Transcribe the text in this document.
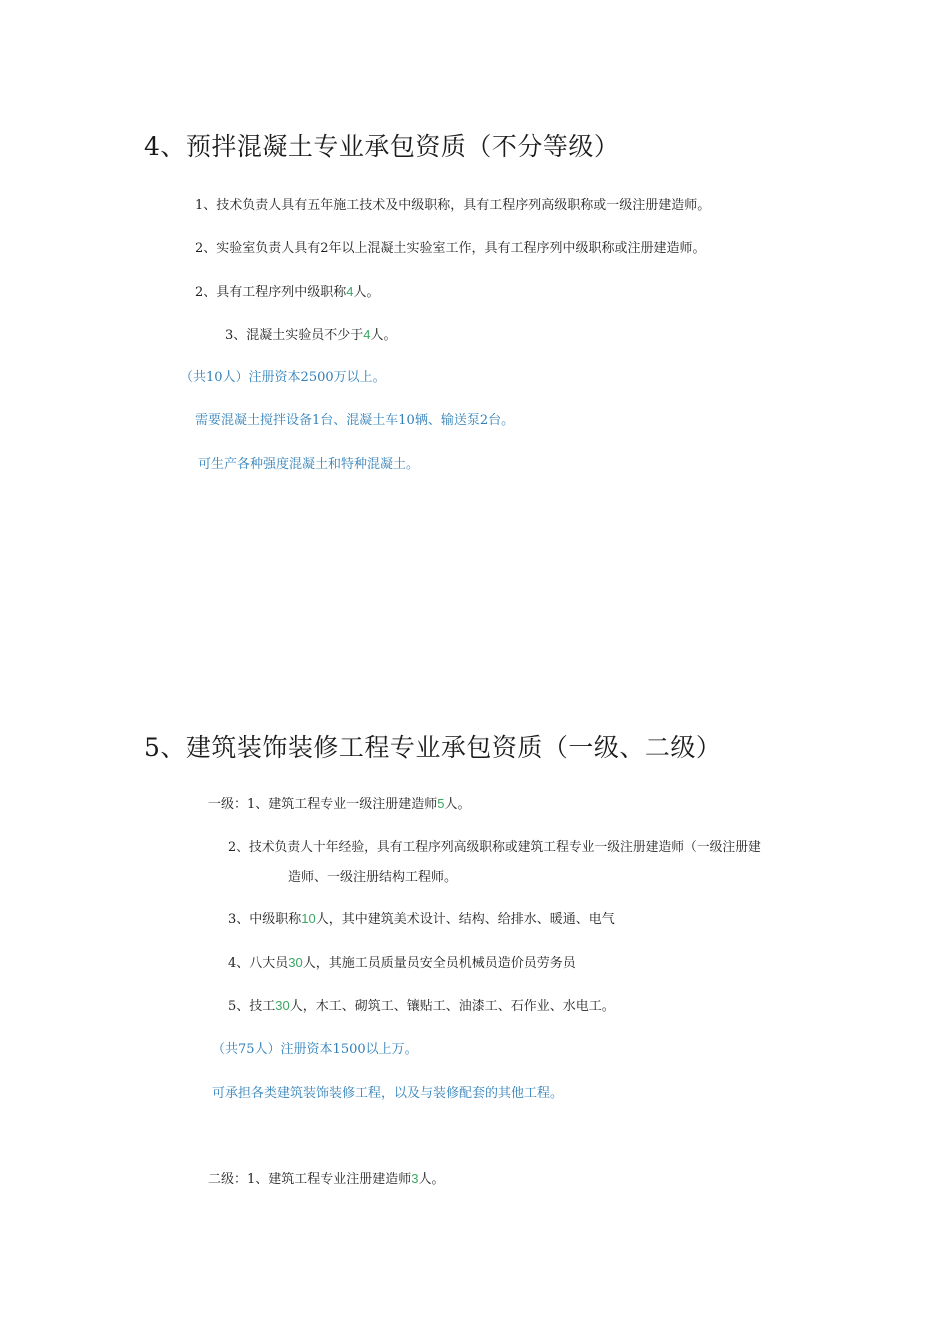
4、预拌混凝土专业承包资质（不分等级）
1、技术负责人具有五年施工技术及中级职称，具有工程序列高级职称或一级注册建造师。
2、实验室负责人具有2年以上混凝土实验室工作，具有工程序列中级职称或注册建造师。
2、具有工程序列中级职称4人。
3、混凝土实验员不少于4人。
（共10人）注册资本2500万以上。
需要混凝土搅拌设备1台、混凝土车10辆、输送泵2台。
可生产各种强度混凝土和特种混凝土。
5、建筑装饰装修工程专业承包资质（一级、二级）
一级：1、建筑工程专业一级注册建造师5人。
2、技术负责人十年经验，具有工程序列高级职称或建筑工程专业一级注册建造师（一级注册建
造师、一级注册结构工程师。
3、中级职称10人，其中建筑美术设计、结构、给排水、暖通、电气
4、八大员30人，其施工员质量员安全员机械员造价员劳务员
5、技工30人，木工、砌筑工、镶贴工、油漆工、石作业、水电工。
（共75人）注册资本1500以上万。
可承担各类建筑装饰装修工程，以及与装修配套的其他工程。
二级：1、建筑工程专业注册建造师3人。
